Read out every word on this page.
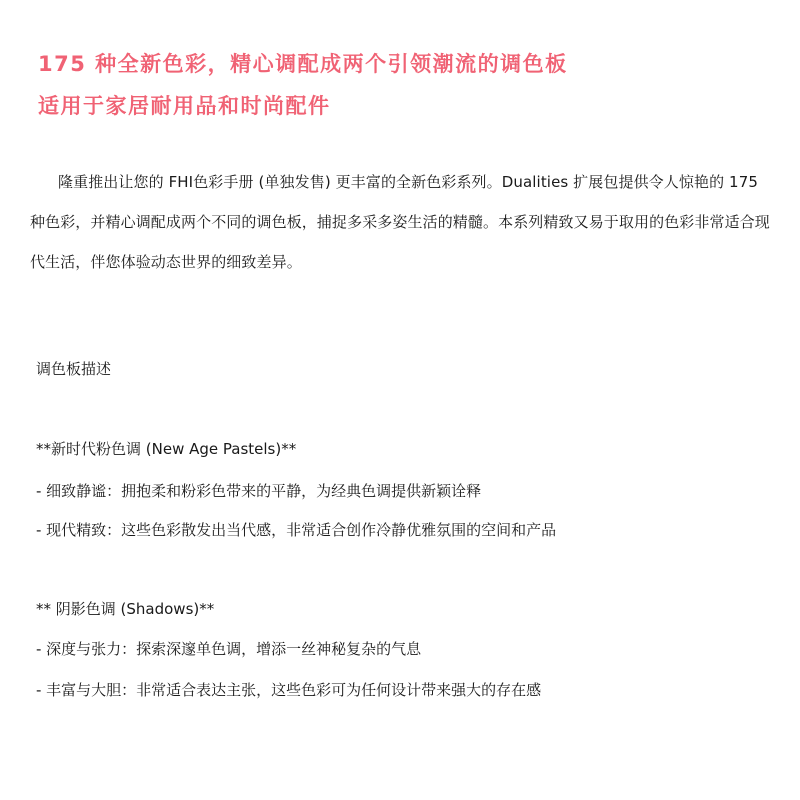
175 种全新色彩，精心调配成两个引领潮流的调色板
适用于家居耐用品和时尚配件

隆重推出让您的 FHI色彩手册 (单独发售) 更丰富的全新色彩系列。Dualities 扩展包提供令人惊艳的 175 种色彩，并精心调配成两个不同的调色板，捕捉多采多姿生活的精髓。本系列精致又易于取用的色彩非常适合现代生活，伴您体验动态世界的细致差异。

调色板描述
**新时代粉色调 (New Age Pastels)**
- 细致静谧：拥抱柔和粉彩色带来的平静，为经典色调提供新颖诠释
- 现代精致：这些色彩散发出当代感，非常适合创作冷静优雅氛围的空间和产品
** 阴影色调 (Shadows)**
- 深度与张力：探索深邃单色调，增添一丝神秘复杂的气息
- 丰富与大胆：非常适合表达主张，这些色彩可为任何设计带来强大的存在感
